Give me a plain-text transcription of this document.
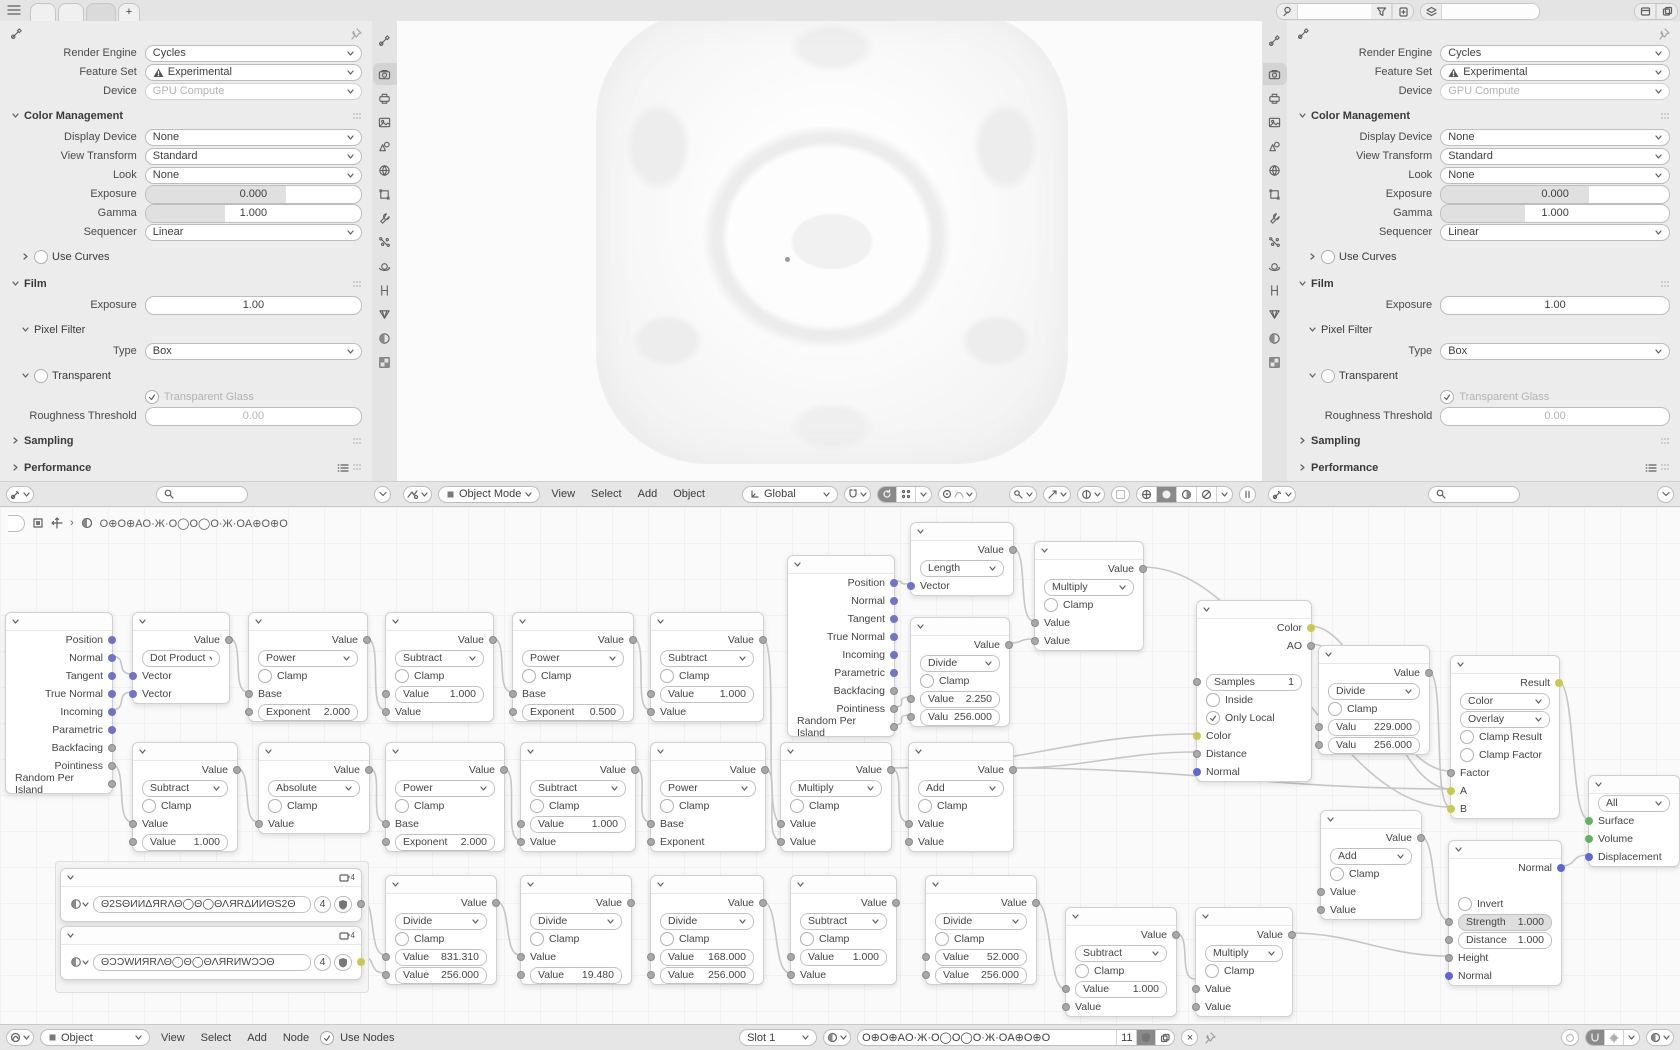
+
Render Engine	Cycles
Feature Set	Experimental
Device	GPU Compute
Color Management
Display Device	None
View Transform	Standard
Look	None
Exposure	0.000
Gamma	1.000
Sequencer	Linear
Use Curves
Film
Exposure	1.00
Pixel Filter
Type	Box
Transparent
Transparent Glass
Roughness Threshold	0.00
Sampling
Performance
Object Mode	View	Select	Add	Object	Global
Render Engine	Cycles
Feature Set	Experimental
Device	GPU Compute
Color Management
Display Device	None
View Transform	Standard
Look	None
Exposure	0.000
Gamma	1.000
Sequencer	Linear
Use Curves
Film
Exposure	1.00
Pixel Filter
Type	Box
Transparent
Transparent Glass
Roughness Threshold	0.00
Sampling
Performance
Position
Normal
Tangent
True Normal
Incoming
Parametric
Backfacing
Pointiness
Random Per Island
Value
Dot Product
Vector
Vector
Value
Power
Clamp
Base
Exponent 2.000
Value
Subtract
Clamp
Value 1.000
Value
Value
Power
Clamp
Base
Exponent 0.500
Value
Subtract
Clamp
Value 1.000
Value
Value
Subtract
Clamp
Value
Value 1.000
Value
Absolute
Clamp
Value
Value
Power
Clamp
Base
Exponent 2.000
Value
Subtract
Clamp
Value	1.000
Value
Value
Power
Clamp
Base
Exponent
Value
Multiply
Clamp
Value
Value
Value
Add
Clamp
Value
Value
Position
Normal
Tangent
True Normal
Incoming
Parametric
Backfacing
Pointiness
Random Per Island
Value
Length
Vector
Value
Divide
Clamp
Value 2.250
Valu 256.000
Value
Multiply
Clamp
Value
Value
Color
AO
Samples	1
Inside
Only Local
Color
Distance
Normal
Value
Divide
Clamp
Valu 229.000
Valu 256.000
Result
Color
Overlay
Clamp Result
Clamp Factor
Factor
A
B	All
Surface
Volume
Displacement
Value
Add
Clamp
Value
Value
Normal
Invert
Strength 1.000
Distance 1.000
Height
Normal
Value
Divide
Clamp
Value 831.310
Value 256.000
Value
Divide
Clamp
Value
Value 19.480
Value
Divide
Clamp
Value 168.000
Value 256.000
Value
Subtract
Clamp
Value 1.000
Value
Value
Divide
Clamp
Value 52.000
Value 256.000
Value
Subtract
Clamp
Value 1.000
Value
Value
Multiply
Clamp
Value
Value
4
Θ2SΘИИΔЯRΛΘ◯Θ◯ΘΛЯRΔИИΘS2Θ	4
4
ΘƆƆWИЯRΛΘ◯Θ◯ΘΛЯRИWƆƆΘ	4
› O⊕O⊕AO·Ж·O◯O◯O·Ж·OA⊕O⊕O
Object	View	Select	Add	Node	Use Nodes	Slot 1	O⊕O⊕AO·Ж·O◯O◯O·Ж·OA⊕O⊕O	11	×
